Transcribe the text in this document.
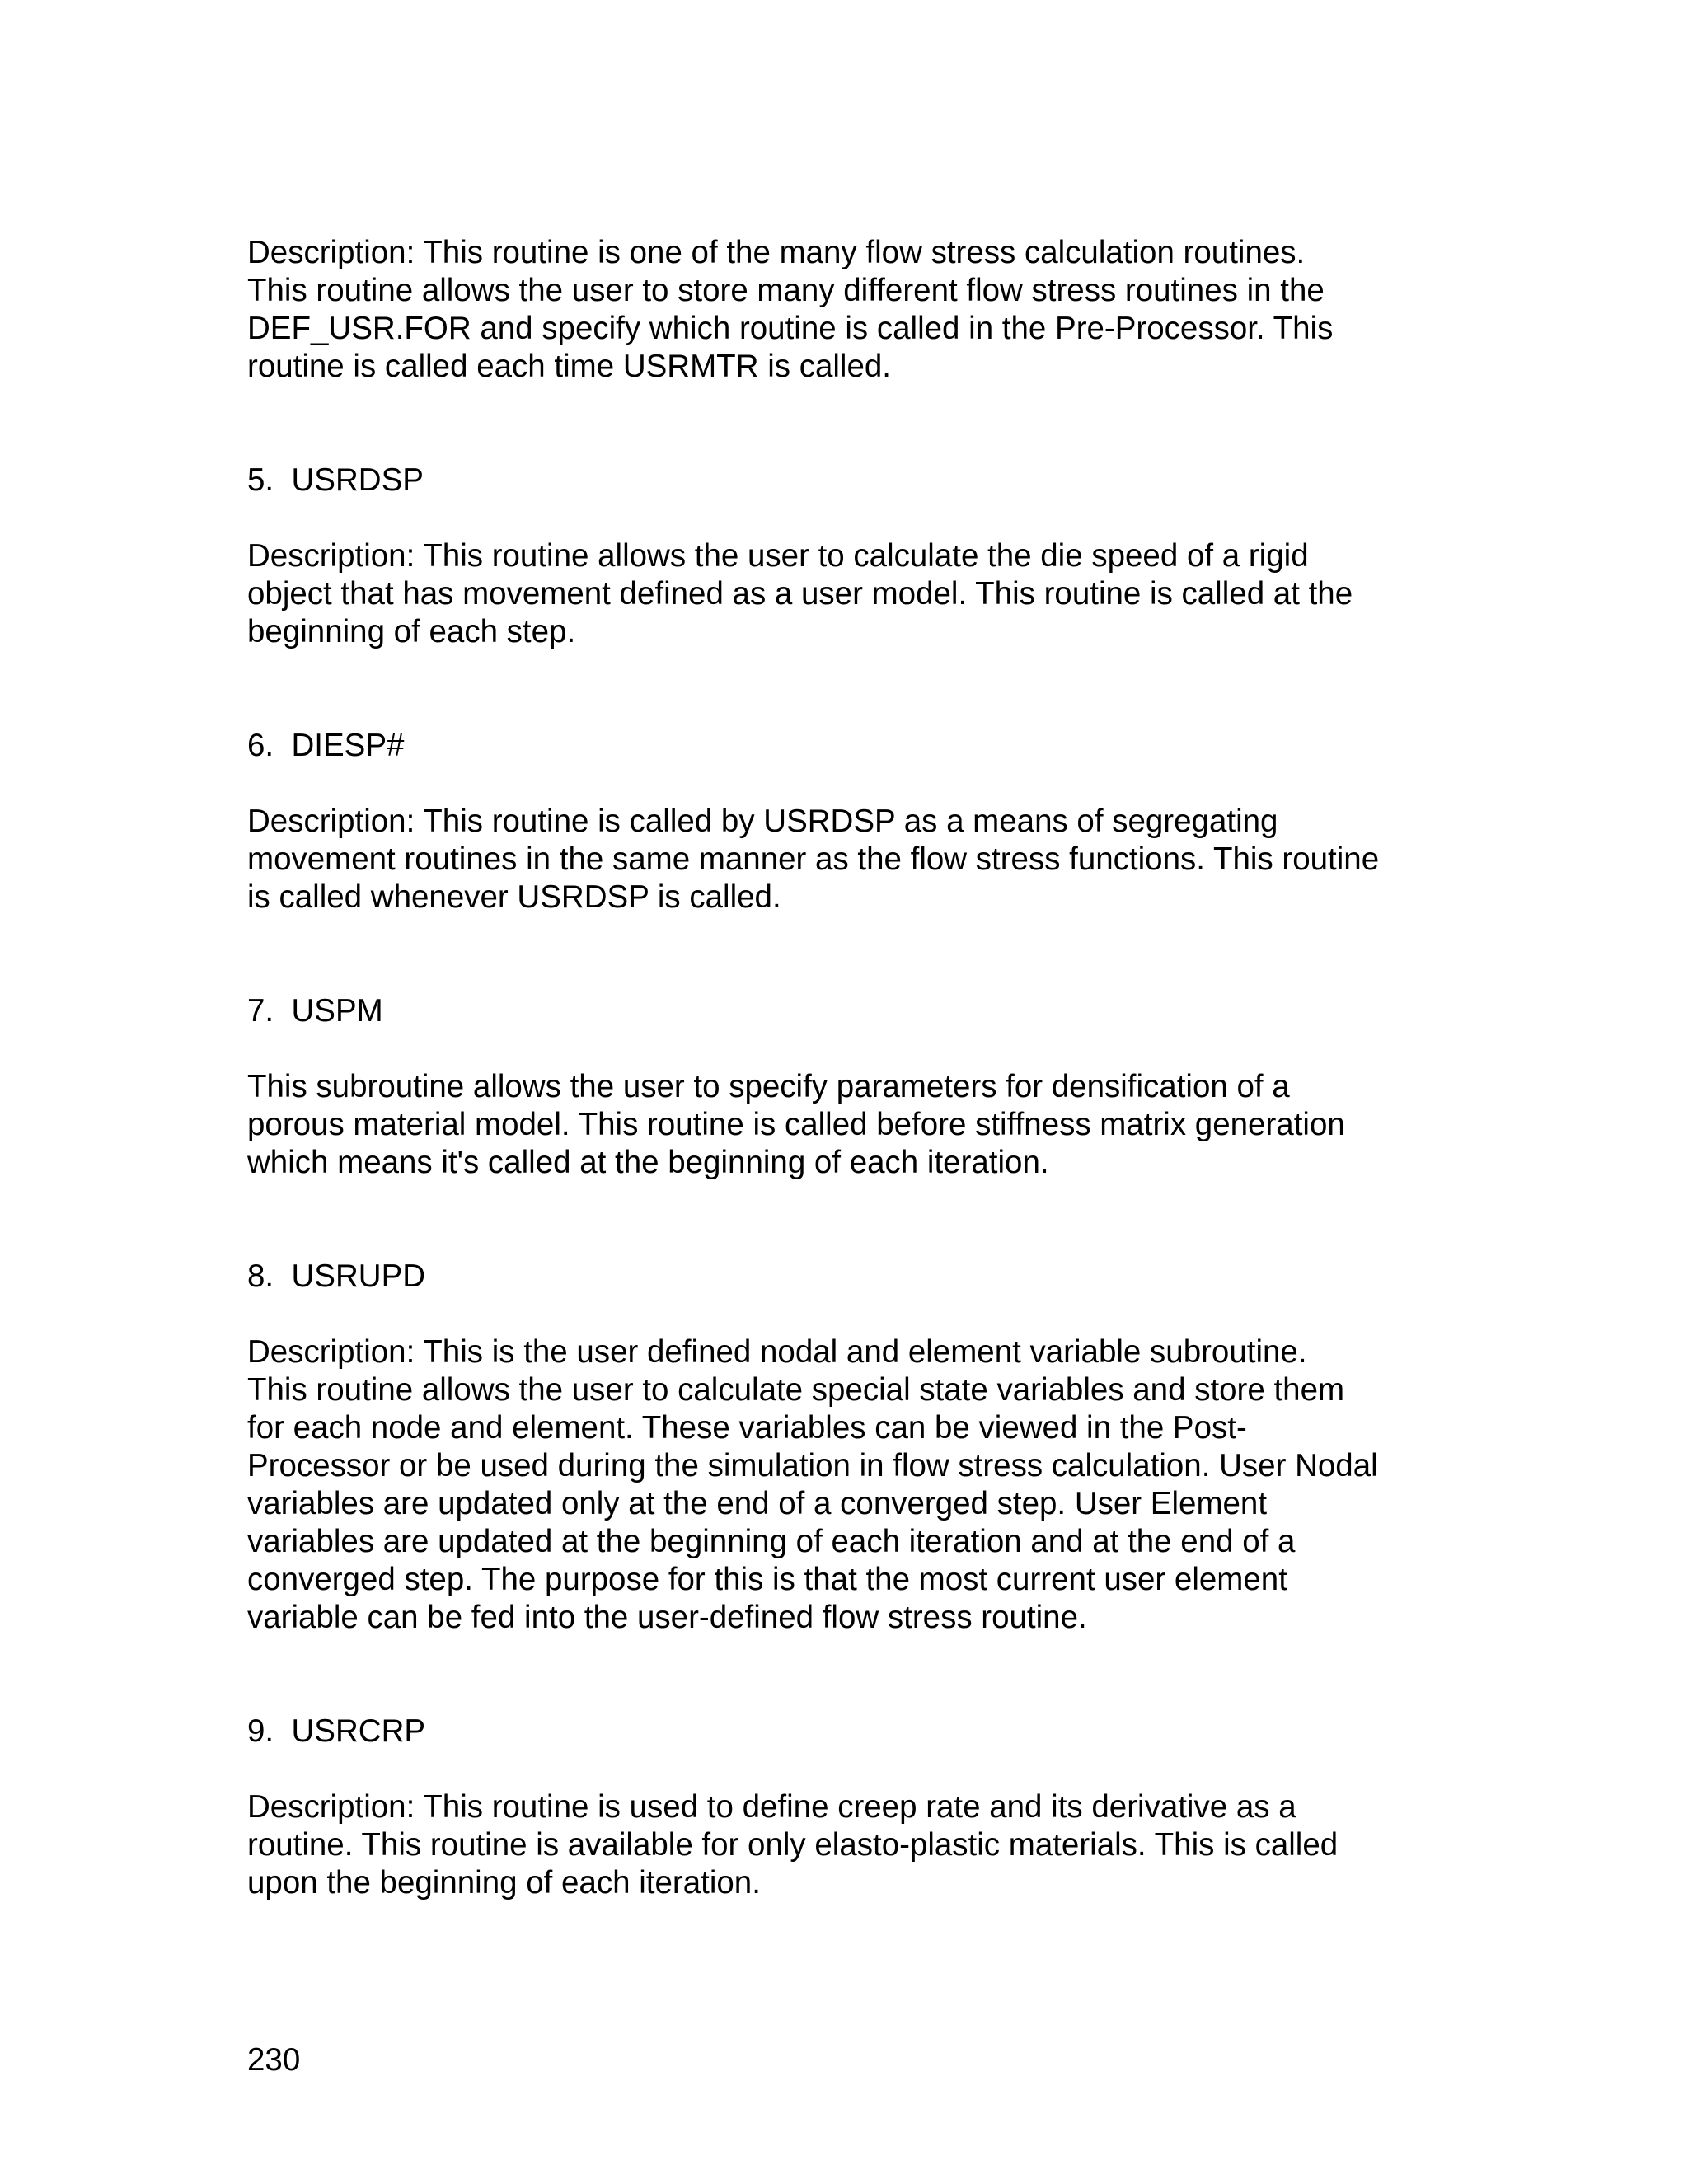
Description: This routine is one of the many flow stress calculation routines.
This routine allows the user to store many different flow stress routines in the
DEF_USR.FOR and specify which routine is called in the Pre-Processor. This
routine is called each time USRMTR is called.

5.  USRDSP

Description: This routine allows the user to calculate the die speed of a rigid
object that has movement defined as a user model. This routine is called at the
beginning of each step.

6.  DIESP#

Description: This routine is called by USRDSP as a means of segregating
movement routines in the same manner as the flow stress functions. This routine
is called whenever USRDSP is called.

7.  USPM

This subroutine allows the user to specify parameters for densification of a
porous material model. This routine is called before stiffness matrix generation
which means it's called at the beginning of each iteration.

8.  USRUPD

Description: This is the user defined nodal and element variable subroutine.
This routine allows the user to calculate special state variables and store them
for each node and element. These variables can be viewed in the Post-
Processor or be used during the simulation in flow stress calculation. User Nodal
variables are updated only at the end of a converged step. User Element
variables are updated at the beginning of each iteration and at the end of a
converged step. The purpose for this is that the most current user element
variable can be fed into the user-defined flow stress routine.

9.  USRCRP

Description: This routine is used to define creep rate and its derivative as a
routine. This routine is available for only elasto-plastic materials. This is called
upon the beginning of each iteration.

230
